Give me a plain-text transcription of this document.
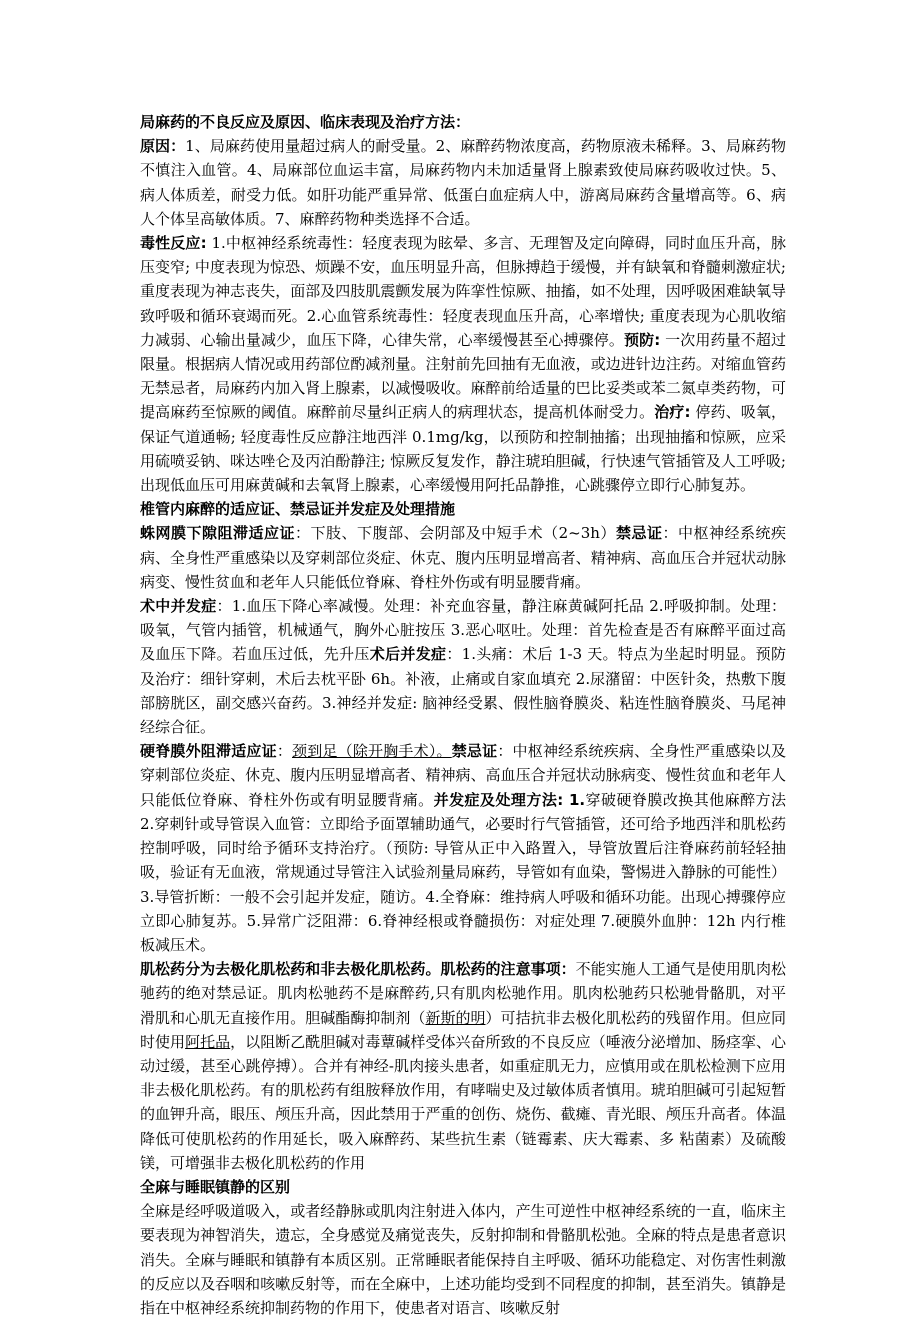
局麻药的不良反应及原因、临床表现及治疗方法：

原因：1、局麻药使用量超过病人的耐受量。2、麻醉药物浓度高，药物原液未稀释。3、局麻药物不慎注入血管。4、局麻部位血运丰富，局麻药物内未加适量肾上腺素致使局麻药吸收过快。5、病人体质差，耐受力低。如肝功能严重异常、低蛋白血症病人中，游离局麻药含量增高等。6、病人个体呈高敏体质。7、麻醉药物种类选择不合适。

毒性反应: 1.中枢神经系统毒性：轻度表现为眩晕、多言、无理智及定向障碍，同时血压升高，脉压变窄; 中度表现为惊恐、烦躁不安，血压明显升高，但脉搏趋于缓慢，并有缺氧和脊髓刺激症状; 重度表现为神志丧失，面部及四肢肌震颤发展为阵挛性惊厥、抽搐，如不处理，因呼吸困难缺氧导致呼吸和循环衰竭而死。2.心血管系统毒性：轻度表现血压升高，心率增快; 重度表现为心肌收缩力减弱、心输出量减少，血压下降，心律失常，心率缓慢甚至心搏骤停。预防: 一次用药量不超过限量。根据病人情况或用药部位酌减剂量。注射前先回抽有无血液，或边进针边注药。对缩血管药无禁忌者，局麻药内加入肾上腺素，以减慢吸收。麻醉前给适量的巴比妥类或苯二氮卓类药物，可提高麻药至惊厥的阈值。麻醉前尽量纠正病人的病理状态，提高机体耐受力。治疗: 停药、吸氧，保证气道通畅; 轻度毒性反应静注地西泮 0.1mg/kg，以预防和控制抽搐；出现抽搐和惊厥，应采用硫喷妥钠、咪达唑仑及丙泊酚静注; 惊厥反复发作，静注琥珀胆碱，行快速气管插管及人工呼吸; 出现低血压可用麻黄碱和去氧肾上腺素，心率缓慢用阿托品静推，心跳骤停立即行心肺复苏。

椎管内麻醉的适应证、禁忌证并发症及处理措施

蛛网膜下隙阻滞适应证：下肢、下腹部、会阴部及中短手术（2~3h）禁忌证：中枢神经系统疾病、全身性严重感染以及穿刺部位炎症、休克、腹内压明显增高者、精神病、高血压合并冠状动脉病变、慢性贫血和老年人只能低位脊麻、脊柱外伤或有明显腰背痛。

术中并发症：1.血压下降心率减慢。处理：补充血容量，静注麻黄碱阿托品 2.呼吸抑制。处理：吸氧，气管内插管，机械通气，胸外心脏按压 3.恶心呕吐。处理：首先检查是否有麻醉平面过高及血压下降。若血压过低，先升压术后并发症：1.头痛：术后 1-3 天。特点为坐起时明显。预防及治疗：细针穿刺，术后去枕平卧 6h。补液，止痛或自家血填充 2.尿潴留：中医针灸，热敷下腹部膀胱区，副交感兴奋药。3.神经并发症: 脑神经受累、假性脑脊膜炎、粘连性脑脊膜炎、马尾神经综合征。

硬脊膜外阻滞适应证：颈到足（除开胸手术）。禁忌证：中枢神经系统疾病、全身性严重感染以及穿刺部位炎症、休克、腹内压明显增高者、精神病、高血压合并冠状动脉病变、慢性贫血和老年人只能低位脊麻、脊柱外伤或有明显腰背痛。并发症及处理方法: 1.穿破硬脊膜改换其他麻醉方法 2.穿刺针或导管误入血管：立即给予面罩辅助通气，必要时行气管插管，还可给予地西泮和肌松药控制呼吸，同时给予循环支持治疗。（预防: 导管从正中入路置入，导管放置后注脊麻药前轻轻抽吸，验证有无血液，常规通过导管注入试验剂量局麻药，导管如有血染，警惕进入静脉的可能性）3.导管折断：一般不会引起并发症，随访。4.全脊麻：维持病人呼吸和循环功能。出现心搏骤停应立即心肺复苏。5.异常广泛阻滞：6.脊神经根或脊髓损伤：对症处理 7.硬膜外血肿：12h 内行椎板减压术。

肌松药分为去极化肌松药和非去极化肌松药。肌松药的注意事项：不能实施人工通气是使用肌肉松驰药的绝对禁忌证。肌肉松驰药不是麻醉药,只有肌肉松驰作用。肌肉松驰药只松驰骨骼肌，对平滑肌和心肌无直接作用。胆碱酯酶抑制剂（新斯的明）可拮抗非去极化肌松药的残留作用。但应同时使用阿托品，以阻断乙酰胆碱对毒蕈碱样受体兴奋所致的不良反应（唾液分泌增加、肠痉挛、心动过缓，甚至心跳停搏）。合并有神经-肌肉接头患者，如重症肌无力，应慎用或在肌松检测下应用非去极化肌松药。有的肌松药有组胺释放作用，有哮喘史及过敏体质者慎用。琥珀胆碱可引起短暂的血钾升高，眼压、颅压升高，因此禁用于严重的创伤、烧伤、截瘫、青光眼、颅压升高者。体温降低可使肌松药的作用延长，吸入麻醉药、某些抗生素（链霉素、庆大霉素、多 粘菌素）及硫酸镁，可增强非去极化肌松药的作用

全麻与睡眠镇静的区别

全麻是经呼吸道吸入，或者经静脉或肌肉注射进入体内，产生可逆性中枢神经系统的一直，临床主要表现为神智消失，遗忘，全身感觉及痛觉丧失，反射抑制和骨骼肌松弛。全麻的特点是患者意识消失。全麻与睡眠和镇静有本质区别。正常睡眠者能保持自主呼吸、循环功能稳定、对伤害性刺激的反应以及吞咽和咳嗽反射等，而在全麻中，上述功能均受到不同程度的抑制，甚至消失。镇静是指在中枢神经系统抑制药物的作用下，使患者对语言、咳嗽反射
